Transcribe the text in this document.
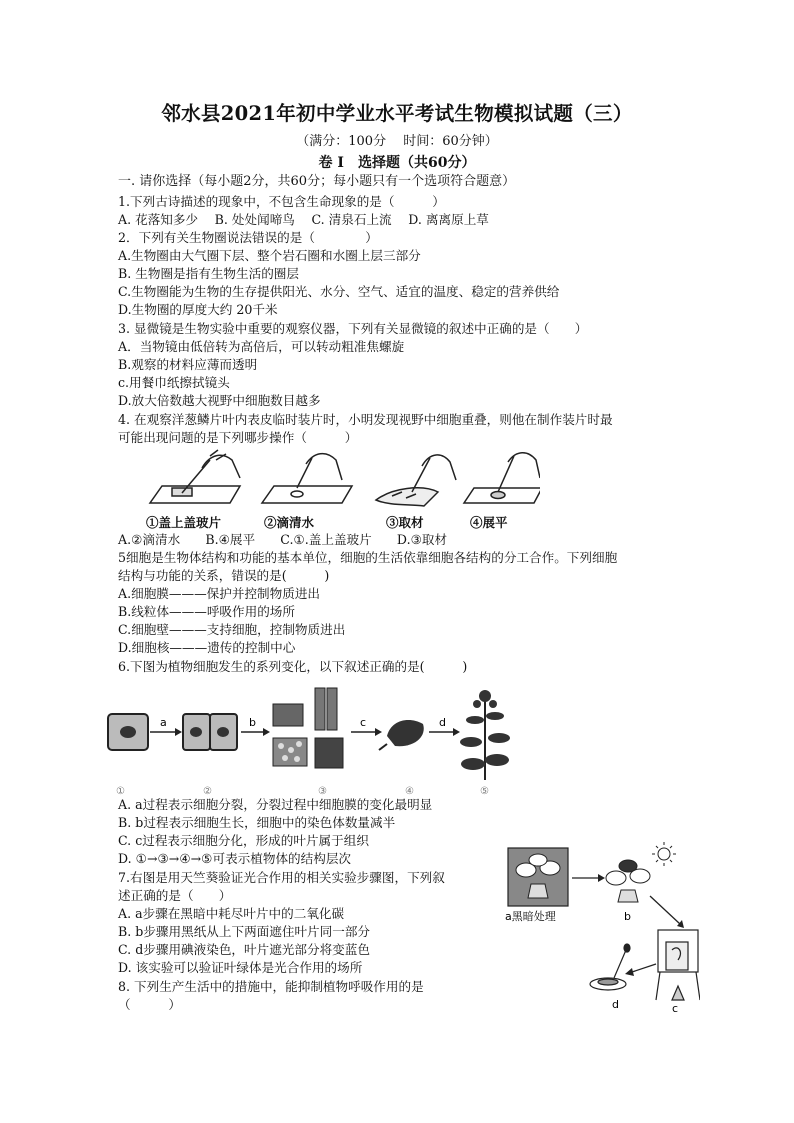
邻水县2021年初中学业水平考试生物模拟试题（三）
（满分：100分　 时间：60分钟）
卷 I　选择题（共60分）
一. 请你选择（每小题2分，共60分；每小题只有一个选项符合题意）
1.下列古诗描述的现象中，不包含生命现象的是（　　　）
A. 花落知多少　 B. 处处闻啼鸟　 C. 清泉石上流　 D. 离离原上草
2．下列有关生物圈说法错误的是（　　　　）
A.生物圈由大气圈下层、整个岩石圈和水圈上层三部分
B. 生物圈是指有生物生活的圈层
C.生物圈能为生物的生存提供阳光、水分、空气、适宜的温度、稳定的营养供给
D.生物圈的厚度大约 20千米
3. 显微镜是生物实验中重要的观察仪器，下列有关显微镜的叙述中正确的是（　　）
A．当物镜由低倍转为高倍后，可以转动粗准焦螺旋
B.观察的材料应薄而透明
c.用餐巾纸擦拭镜头
D.放大倍数越大视野中细胞数目越多
4. 在观察洋葱鳞片叶内表皮临时装片时，小明发现视野中细胞重叠，则他在制作装片时最
可能出现问题的是下列哪步操作（　　　）
①盖上盖玻片	②滴清水	③取材	④展平
A.②滴清水　　B.④展平　　C.①.盖上盖玻片　　D.③取材
5细胞是生物体结构和功能的基本单位，细胞的生活依靠细胞各结构的分工合作。下列细胞
结构与功能的关系，错误的是(　　　)
A.细胞膜———保护并控制物质进出
B.线粒体———呼吸作用的场所
C.细胞壁———支持细胞，控制物质进出
D.细胞核———遗传的控制中心
6.下图为植物细胞发生的系列变化，以下叙述正确的是(　　　)
a	b	c	d
①	②	③	④	⑤
A. a过程表示细胞分裂，分裂过程中细胞膜的变化最明显
B. b过程表示细胞生长，细胞中的染色体数量减半
C. c过程表示细胞分化，形成的叶片属于组织
D. ①→③→④→⑤可表示植物体的结构层次
7.右图是用天竺葵验证光合作用的相关实验步骤图，下列叙
述正确的是（　　）
A. a步骤在黑暗中耗尽叶片中的二氧化碳
B. b步骤用黑纸从上下两面遮住叶片同一部分
C. d步骤用碘液染色，叶片遮光部分将变蓝色
D. 该实验可以验证叶绿体是光合作用的场所
a黑暗处理	b
c
d
8. 下列生产生活中的措施中，能抑制植物呼吸作用的是
（　　　）
